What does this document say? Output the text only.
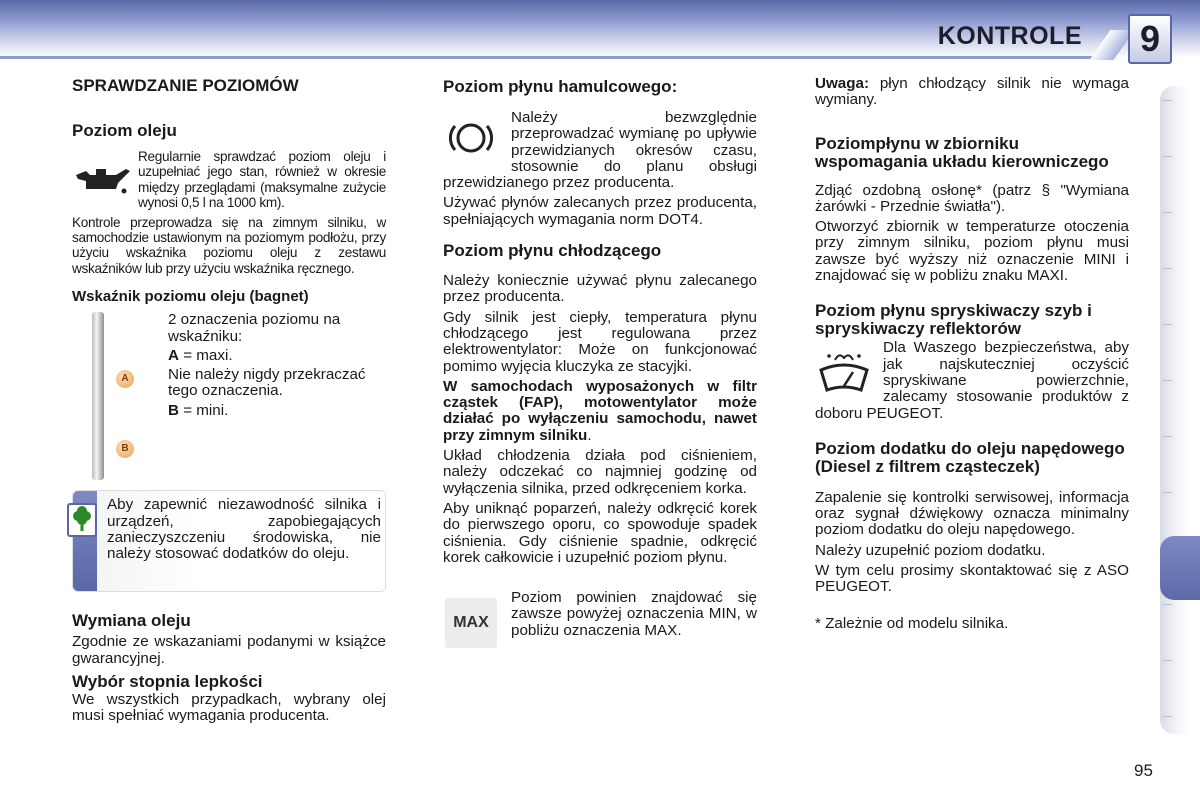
KONTROLE	9
SPRAWDZANIE POZIOMÓW
Poziom oleju

Regularnie sprawdzać poziom oleju i uzupełniać jego stan, również w okresie między przeglądami (maksymalne zużycie wynosi 0,5 l na 1000 km).

Kontrole przeprowadza się na zimnym silniku, w samochodzie ustawionym na poziomym podłożu, przy użyciu wskaźnika poziomu oleju z zestawu wskaźników lub przy użyciu wskaźnika ręcznego.

Wskaźnik poziomu oleju (bagnet)
A
B

2 oznaczenia poziomu na wskaźniku:

A = maxi.

Nie należy nigdy przekraczać tego oznaczenia.

B = mini.

Aby zapewnić niezawodność silnika i urządzeń, zapobiegających zanieczyszczeniu środowiska, nie należy stosować dodatków do oleju.

Wymiana oleju

Zgodnie ze wskazaniami podanymi w książce gwarancyjnej.

Wybór stopnia lepkości

We wszystkich przypadkach, wybrany olej musi spełniać wymagania producenta.

Poziom płynu hamulcowego:

Należy bezwzględnie przeprowadzać wymianę po upływie przewidzianych okresów czasu, stosownie do planu obsługi przewidzianego przez producenta.

Używać płynów zalecanych przez producenta, spełniających wymagania norm DOT4.

Poziom płynu chłodzącego

Należy koniecznie używać płynu zalecanego przez producenta.

Gdy silnik jest ciepły, temperatura płynu chłodzącego jest regulowana przez elektrowentylator: Może on funkcjonować pomimo wyjęcia kluczyka ze stacyjki.

W samochodach wyposażonych w filtr cząstek (FAP), motowentylator może działać po wyłączeniu samochodu, nawet przy zimnym silniku.

Układ chłodzenia działa pod ciśnieniem, należy odczekać co najmniej godzinę od wyłączenia silnika, przed odkręceniem korka.

Aby uniknąć poparzeń, należy odkręcić korek do pierwszego oporu, co spowoduje spadek ciśnienia. Gdy ciśnienie spadnie, odkręcić korek całkowicie i uzupełnić poziom płynu.

MAX

Poziom powinien znajdować się zawsze powyżej oznaczenia MIN, w pobliżu oznaczenia MAX.

Uwaga: płyn chłodzący silnik nie wymaga wymiany.

Poziompłynu w zbiorniku wspomagania układu kierowniczego

Zdjąć ozdobną osłonę* (patrz § "Wymiana żarówki - Przednie światła").

Otworzyć zbiornik w temperaturze otoczenia przy zimnym silniku, poziom płynu musi zawsze być wyższy niż oznaczenie MINI i znajdować się w pobliżu znaku MAXI.

Poziom płynu spryskiwaczy szyb i spryskiwaczy reflektorów

Dla Waszego bezpieczeństwa, aby jak najskuteczniej oczyścić spryskiwane powierzchnie, zalecamy stosowanie produktów z doboru PEUGEOT.

Poziom dodatku do oleju napędowego (Diesel z filtrem cząsteczek)

Zapalenie się kontrolki serwisowej, informacja oraz sygnał dźwiękowy oznacza minimalny poziom dodatku do oleju napędowego.

Należy uzupełnić poziom dodatku.

W tym celu prosimy skontaktować się z ASO PEUGEOT.

* Zależnie od modelu silnika.

95
